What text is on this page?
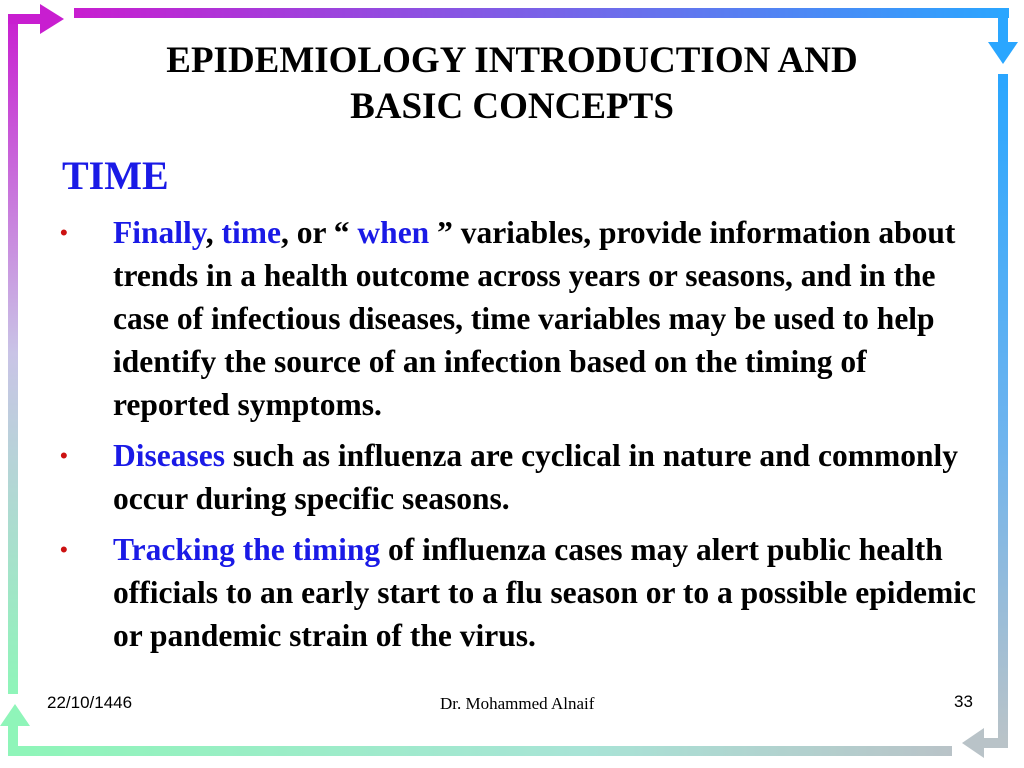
EPIDEMIOLOGY INTRODUCTION AND
BASIC CONCEPTS
TIME
• Finally, time, or “ when ” variables, provide information about trends in a health outcome across years or seasons, and in the case of infectious diseases, time variables may be used to help identify the source of an infection based on the timing of reported symptoms.
• Diseases such as influenza are cyclical in nature and commonly occur during specific seasons.
• Tracking the timing of influenza cases may alert public health officials to an early start to a flu season or to a possible epidemic or pandemic strain of the virus.
22/10/1446	Dr. Mohammed Alnaif	33
